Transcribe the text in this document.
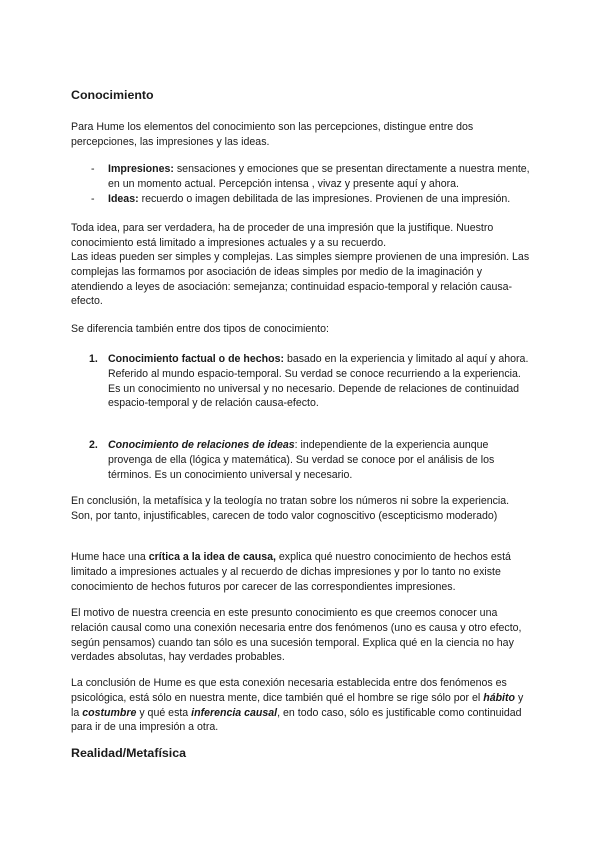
Conocimiento

Para Hume los elementos del conocimiento son las percepciones, distingue entre dos percepciones, las impresiones y las ideas.

- Impresiones: sensaciones y emociones que se presentan directamente a nuestra mente, en un momento actual. Percepción intensa , vivaz y presente aquí y ahora.
- Ideas: recuerdo o imagen debilitada de las impresiones. Provienen de una impresión.

Toda idea, para ser verdadera, ha de proceder de una impresión que la justifique. Nuestro conocimiento está limitado a impresiones actuales y a su recuerdo.

Las ideas pueden ser simples y complejas. Las simples siempre provienen de una impresión. Las complejas las formamos por asociación de ideas simples por medio de la imaginación y atendiendo a leyes de asociación: semejanza; continuidad espacio-temporal y relación causa-efecto.

Se diferencia también entre dos tipos de conocimiento:

1. Conocimiento factual o de hechos: basado en la experiencia y limitado al aquí y ahora. Referido al mundo espacio-temporal. Su verdad se conoce recurriendo a la experiencia. Es un conocimiento no universal y no necesario. Depende de relaciones de continuidad espacio-temporal y de relación causa-efecto.
2. Conocimiento de relaciones de ideas: independiente de la experiencia aunque provenga de ella (lógica y matemática). Su verdad se conoce por el análisis de los términos. Es un conocimiento universal y necesario.

En conclusión, la metafísica y la teología no tratan sobre los números ni sobre la experiencia. Son, por tanto, injustificables, carecen de todo valor cognoscitivo (escepticismo moderado)

Hume hace una crítica a la idea de causa, explica qué nuestro conocimiento de hechos está limitado a impresiones actuales y al recuerdo de dichas impresiones y por lo tanto no existe conocimiento de hechos futuros por carecer de las correspondientes impresiones.

El motivo de nuestra creencia en este presunto conocimiento es que creemos conocer una relación causal como una conexión necesaria entre dos fenómenos (uno es causa y otro efecto, según pensamos) cuando tan sólo es una sucesión temporal. Explica qué en la ciencia no hay verdades absolutas, hay verdades probables.

La conclusión de Hume es que esta conexión necesaria establecida entre dos fenómenos es psicológica, está sólo en nuestra mente, dice también qué el hombre se rige sólo por el hábito y la costumbre y qué esta inferencia causal, en todo caso, sólo es justificable como continuidad para ir de una impresión a otra.

Realidad/Metafísica
